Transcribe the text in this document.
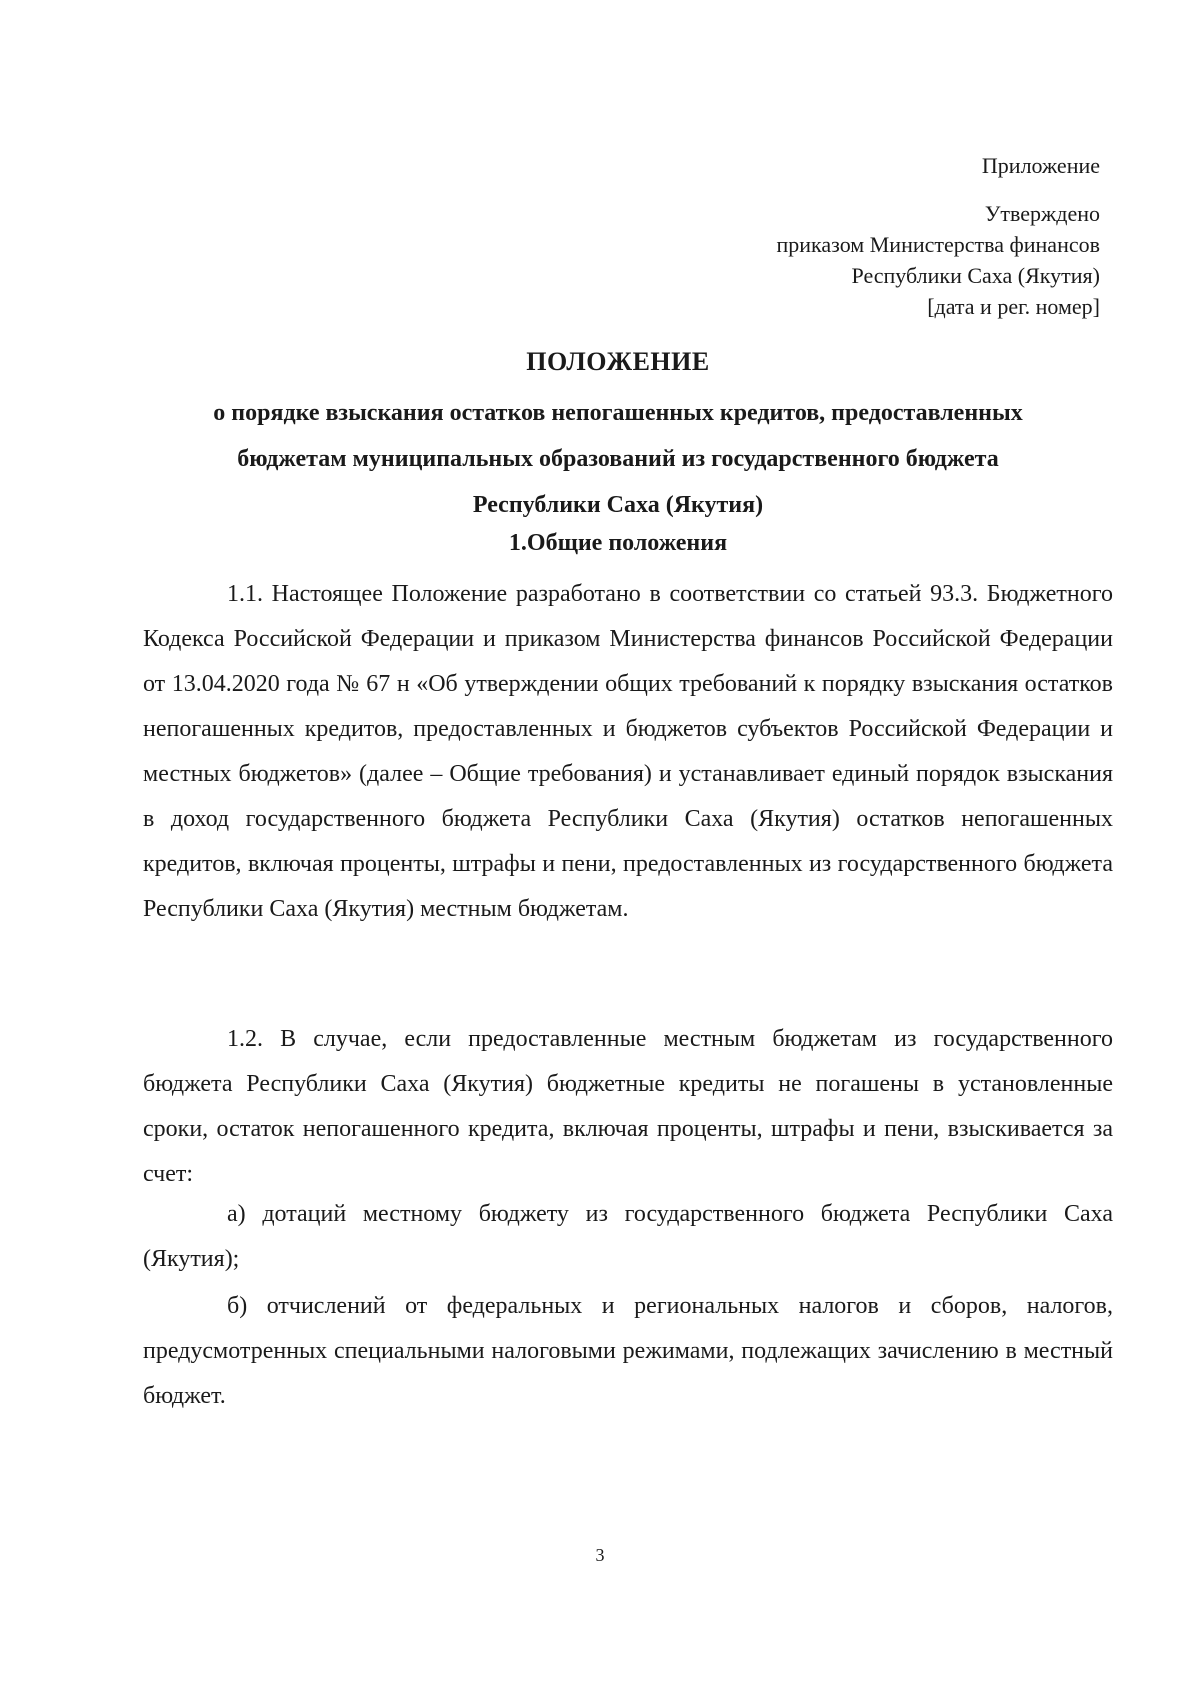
Приложение
Утверждено
приказом Министерства финансов
Республики Саха (Якутия)
[дата и рег. номер]
ПОЛОЖЕНИЕ
о порядке взыскания остатков непогашенных кредитов, предоставленных
бюджетам муниципальных образований из государственного бюджета
Республики Саха (Якутия)
1.Общие положения

1.1. Настоящее Положение разработано в соответствии со статьей 93.3. Бюджетного Кодекса Российской Федерации и приказом Министерства финансов Российской Федерации от 13.04.2020 года № 67 н «Об утверждении общих требований к порядку взыскания остатков непогашенных кредитов, предоставленных и бюджетов субъектов Российской Федерации и местных бюджетов» (далее – Общие требования) и устанавливает единый порядок взыскания в доход государственного бюджета Республики Саха (Якутия) остатков непогашенных кредитов, включая проценты, штрафы и пени, предоставленных из государственного бюджета Республики Саха (Якутия) местным бюджетам.

1.2. В случае, если предоставленные местным бюджетам из государственного бюджета Республики Саха (Якутия) бюджетные кредиты не погашены в установленные сроки, остаток непогашенного кредита, включая проценты, штрафы и пени, взыскивается за счет:

а) дотаций местному бюджету из государственного бюджета Республики Саха (Якутия);

б) отчислений от федеральных и региональных налогов и сборов, налогов, предусмотренных специальными налоговыми режимами, подлежащих зачислению в местный бюджет.

3
